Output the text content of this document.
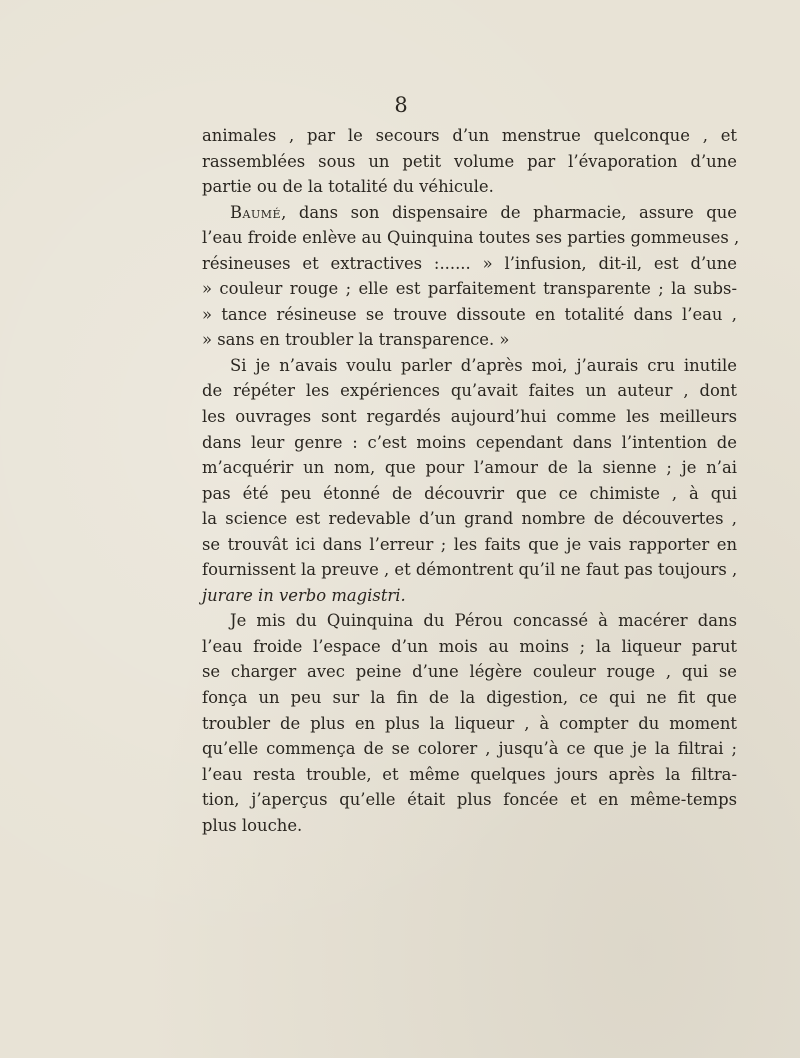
8
animales , par le secours d’un menstrue quelconque , et
rassemblées sous un petit volume par l’évaporation d’une
partie ou de la totalité du véhicule.
Baumé, dans son dispensaire de pharmacie, assure que
l’eau froide enlève au Quinquina toutes ses parties gommeuses ,
résineuses et extractives :...... » l’infusion, dit-il, est d’une
» couleur rouge ; elle est parfaitement transparente ; la subs-
» tance résineuse se trouve dissoute en totalité dans l’eau ,
» sans en troubler la transparence. »
Si je n’avais voulu parler d’après moi, j’aurais cru inutile
de répéter les expériences qu’avait faites un auteur , dont
les ouvrages sont regardés aujourd’hui comme les meilleurs
dans leur genre : c’est moins cependant dans l’intention de
m’acquérir un nom, que pour l’amour de la sienne ; je n’ai
pas été peu étonné de découvrir que ce chimiste , à qui
la science est redevable d’un grand nombre de découvertes ,
se trouvât ici dans l’erreur ; les faits que je vais rapporter en
fournissent la preuve , et démontrent qu’il ne faut pas toujours ,
jurare in verbo magistri.
Je mis du Quinquina du Pérou concassé à macérer dans
l’eau froide l’espace d’un mois au moins ; la liqueur parut
se charger avec peine d’une légère couleur rouge , qui se
fonça un peu sur la fin de la digestion, ce qui ne fit que
troubler de plus en plus la liqueur , à compter du moment
qu’elle commença de se colorer , jusqu’à ce que je la filtrai ;
l’eau resta trouble, et même quelques jours après la filtra-
tion, j’aperçus qu’elle était plus foncée et en même-temps
plus louche.
